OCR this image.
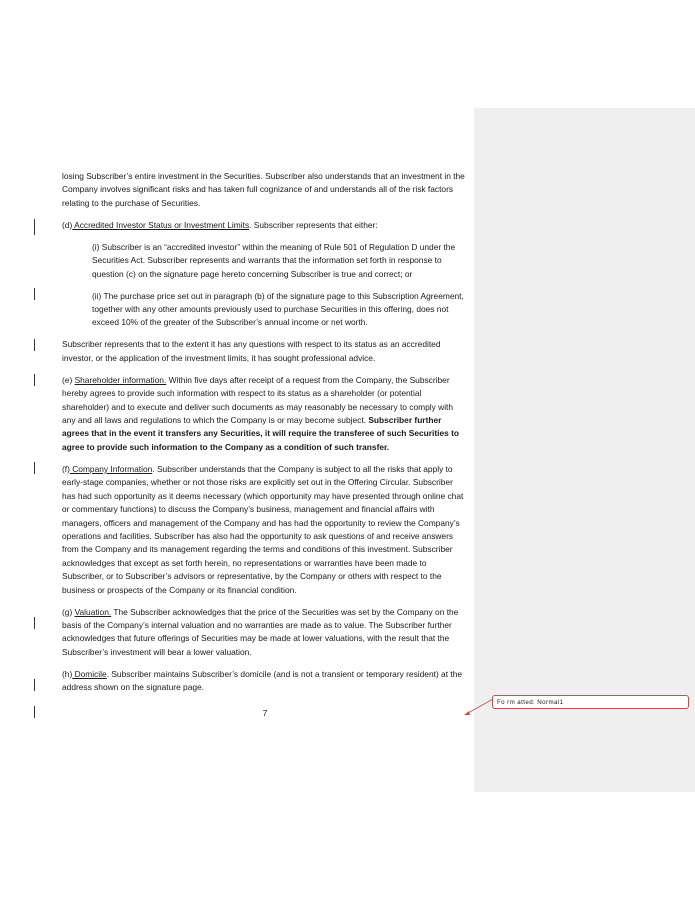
losing Subscriber’s entire investment in the Securities. Subscriber also understands that an investment in the Company involves significant risks and has taken full cognizance of and understands all of the risk factors relating to the purchase of Securities.

(d) Accredited Investor Status or Investment Limits. Subscriber represents that either:

(i) Subscriber is an “accredited investor” within the meaning of Rule 501 of Regulation D under the Securities Act. Subscriber represents and warrants that the information set forth in response to question (c) on the signature page hereto concerning Subscriber is true and correct; or

(ii) The purchase price set out in paragraph (b) of the signature page to this Subscription Agreement, together with any other amounts previously used to purchase Securities in this offering, does not exceed 10% of the greater of the Subscriber’s annual income or net worth.

Subscriber represents that to the extent it has any questions with respect to its status as an accredited investor, or the application of the investment limits, it has sought professional advice.

(e) Shareholder information. Within five days after receipt of a request from the Company, the Subscriber hereby agrees to provide such information with respect to its status as a shareholder (or potential shareholder) and to execute and deliver such documents as may reasonably be necessary to comply with any and all laws and regulations to which the Company is or may become subject. Subscriber further agrees that in the event it transfers any Securities, it will require the transferee of such Securities to agree to provide such information to the Company as a condition of such transfer.

(f) Company Information. Subscriber understands that the Company is subject to all the risks that apply to early-stage companies, whether or not those risks are explicitly set out in the Offering Circular. Subscriber has had such opportunity as it deems necessary (which opportunity may have presented through online chat or commentary functions) to discuss the Company’s business, management and financial affairs with managers, officers and management of the Company and has had the opportunity to review the Company’s operations and facilities. Subscriber has also had the opportunity to ask questions of and receive answers from the Company and its management regarding the terms and conditions of this investment. Subscriber acknowledges that except as set forth herein, no representations or warranties have been made to Subscriber, or to Subscriber’s advisors or representative, by the Company or others with respect to the business or prospects of the Company or its financial condition.

(g) Valuation. The Subscriber acknowledges that the price of the Securities was set by the Company on the basis of the Company’s internal valuation and no warranties are made as to value. The Subscriber further acknowledges that future offerings of Securities may be made at lower valuations, with the result that the Subscriber’s investment will bear a lower valuation.

(h) Domicile. Subscriber maintains Subscriber’s domicile (and is not a transient or temporary resident) at the address shown on the signature page.

7
Fo rm atted: Normal1
